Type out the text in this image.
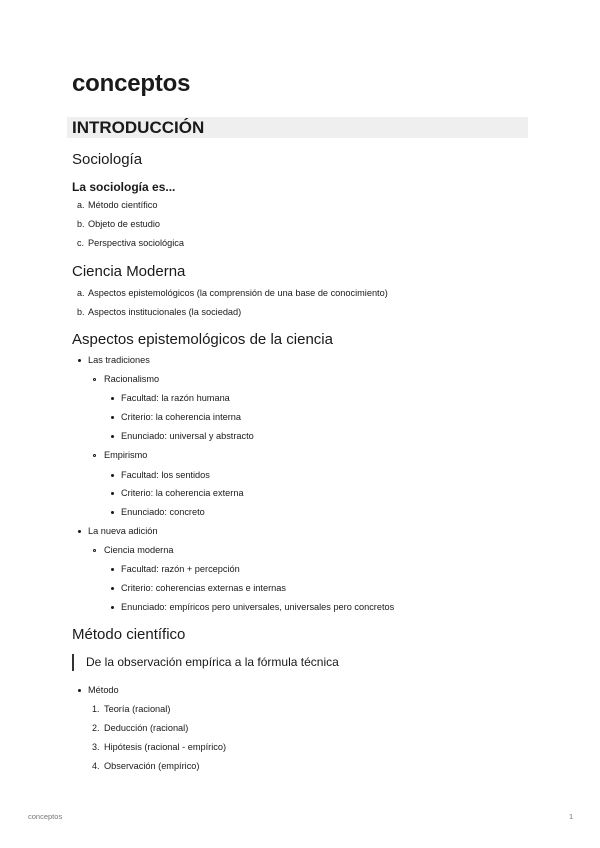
conceptos
INTRODUCCIÓN
Sociología
La sociología es...
a. Método científico
b. Objeto de estudio
c. Perspectiva sociológica
Ciencia Moderna
a. Aspectos epistemológicos (la comprensión de una base de conocimiento)
b. Aspectos institucionales (la sociedad)
Aspectos epistemológicos de la ciencia
Las tradiciones
Racionalismo
Facultad: la razón humana
Criterio: la coherencia interna
Enunciado: universal y abstracto
Empirismo
Facultad: los sentidos
Criterio: la coherencia externa
Enunciado: concreto
La nueva adición
Ciencia moderna
Facultad: razón + percepción
Criterio: coherencias externas e internas
Enunciado: empíricos pero universales, universales pero concretos
Método científico
De la observación empírica a la fórmula técnica
Método
1. Teoría (racional)
2. Deducción (racional)
3. Hipótesis (racional - empírico)
4. Observación (empírico)
conceptos	1
